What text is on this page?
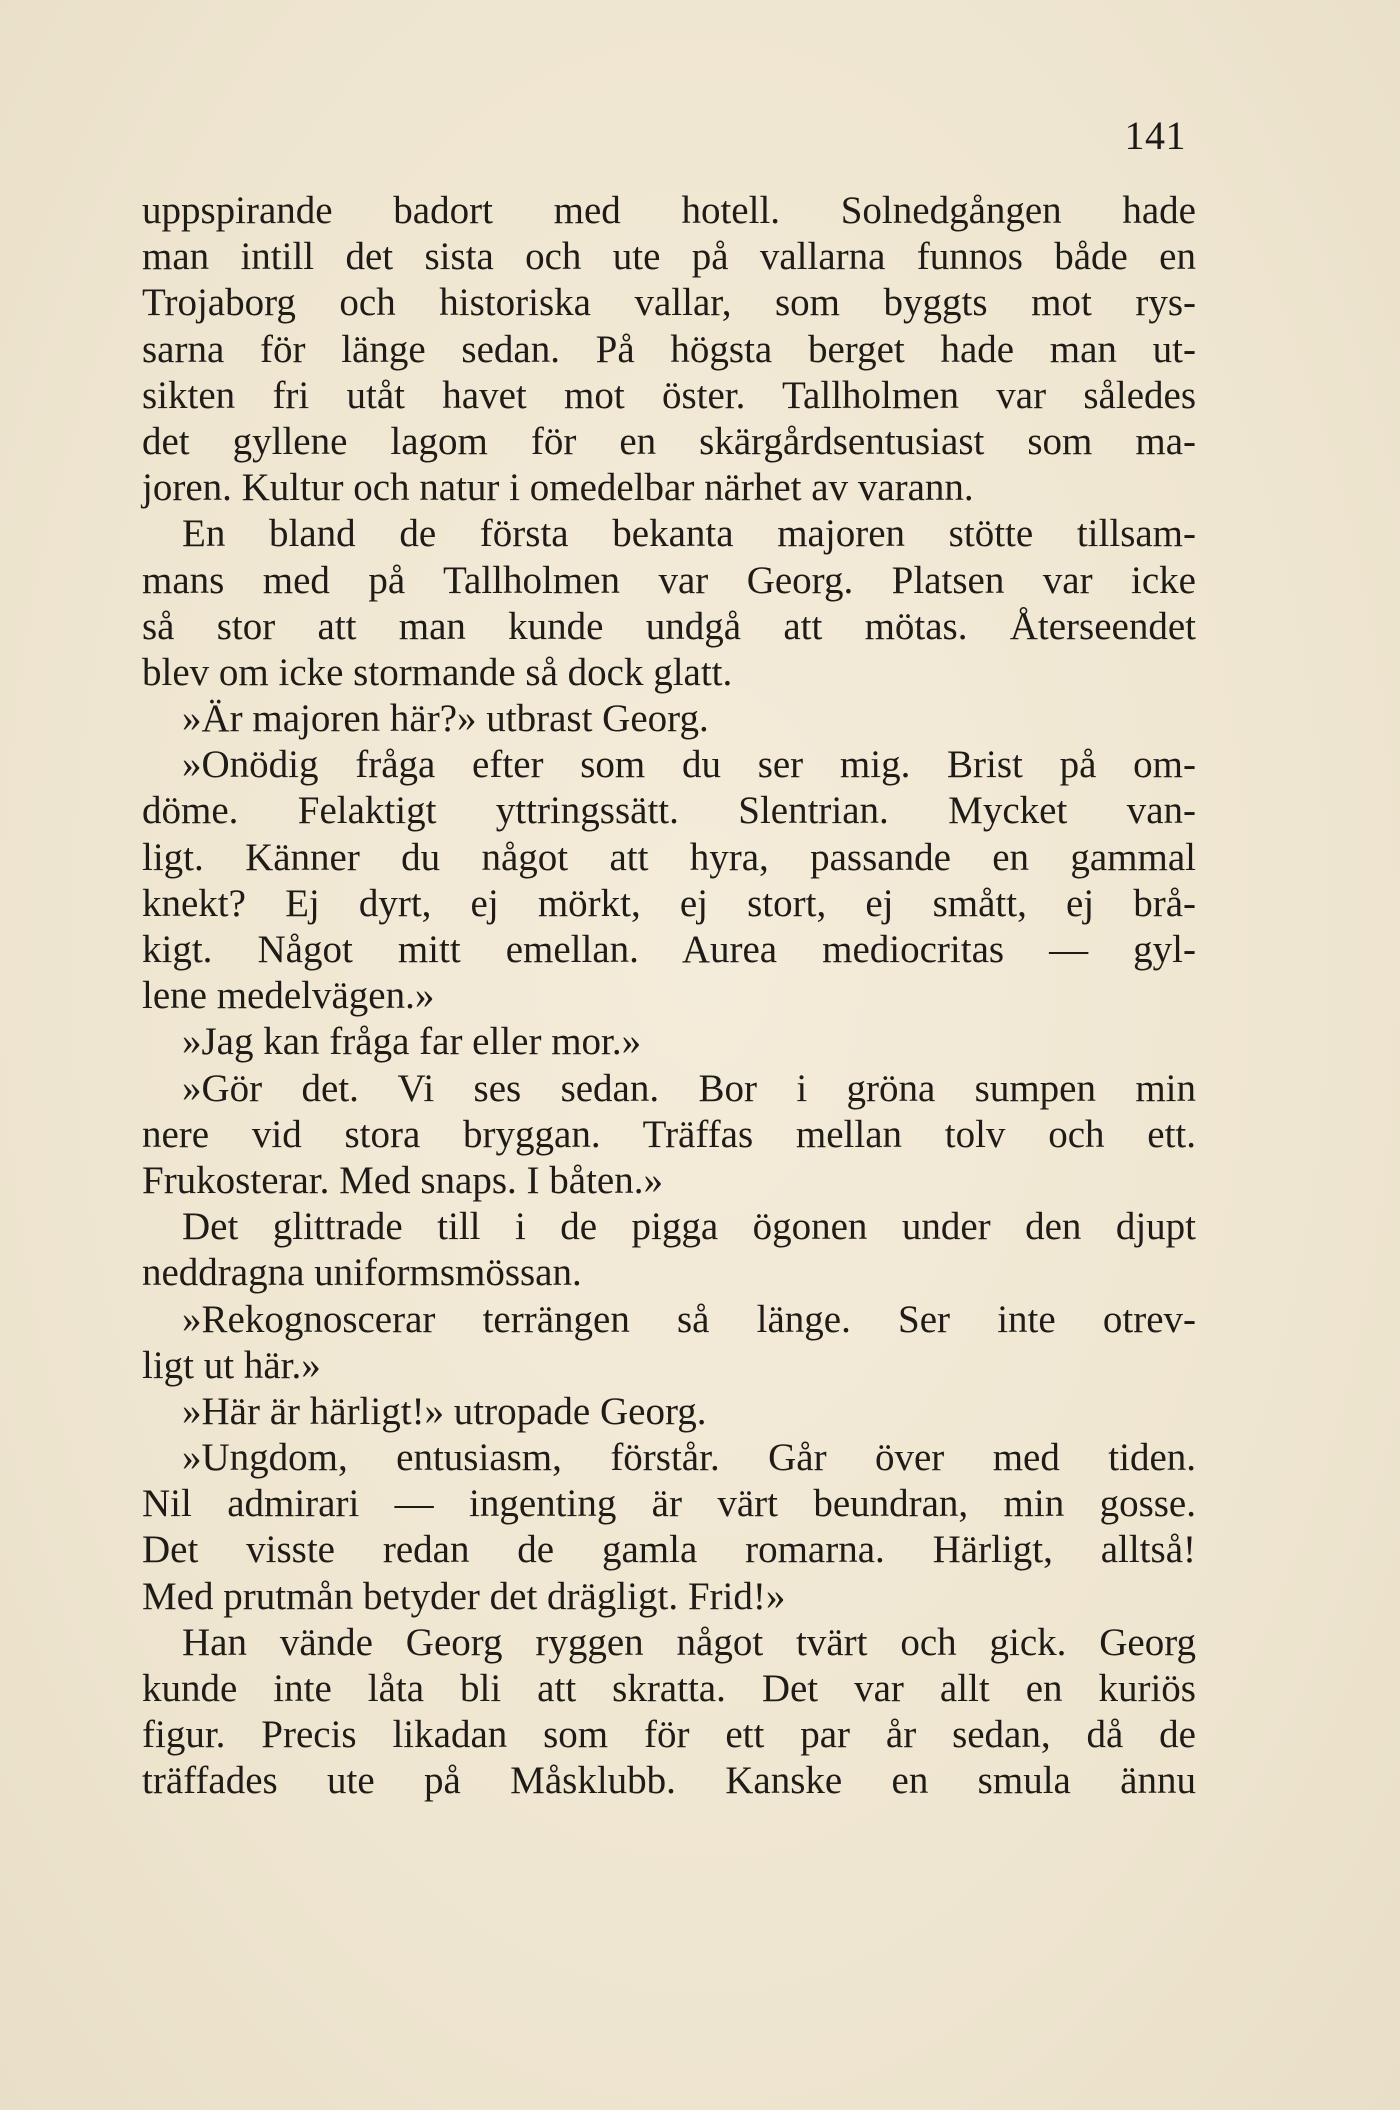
141
uppspirande badort med hotell. Solnedgången hade
man intill det sista och ute på vallarna funnos både en
Trojaborg och historiska vallar, som byggts mot rys-
sarna för länge sedan. På högsta berget hade man ut-
sikten fri utåt havet mot öster. Tallholmen var således
det gyllene lagom för en skärgårdsentusiast som ma-
joren. Kultur och natur i omedelbar närhet av varann.
En bland de första bekanta majoren stötte tillsam-
mans med på Tallholmen var Georg. Platsen var icke
så stor att man kunde undgå att mötas. Återseendet
blev om icke stormande så dock glatt.
»Är majoren här?» utbrast Georg.
»Onödig fråga efter som du ser mig. Brist på om-
döme. Felaktigt yttringssätt. Slentrian. Mycket van-
ligt. Känner du något att hyra, passande en gammal
knekt? Ej dyrt, ej mörkt, ej stort, ej smått, ej brå-
kigt. Något mitt emellan. Aurea mediocritas — gyl-
lene medelvägen.»
»Jag kan fråga far eller mor.»
»Gör det. Vi ses sedan. Bor i gröna sumpen min
nere vid stora bryggan. Träffas mellan tolv och ett.
Frukosterar. Med snaps. I båten.»
Det glittrade till i de pigga ögonen under den djupt
neddragna uniformsmössan.
»Rekognoscerar terrängen så länge. Ser inte otrev-
ligt ut här.»
»Här är härligt!» utropade Georg.
»Ungdom, entusiasm, förstår. Går över med tiden.
Nil admirari — ingenting är värt beundran, min gosse.
Det visste redan de gamla romarna. Härligt, alltså!
Med prutmån betyder det drägligt. Frid!»
Han vände Georg ryggen något tvärt och gick. Georg
kunde inte låta bli att skratta. Det var allt en kuriös
figur. Precis likadan som för ett par år sedan, då de
träffades ute på Måsklubb. Kanske en smula ännu
